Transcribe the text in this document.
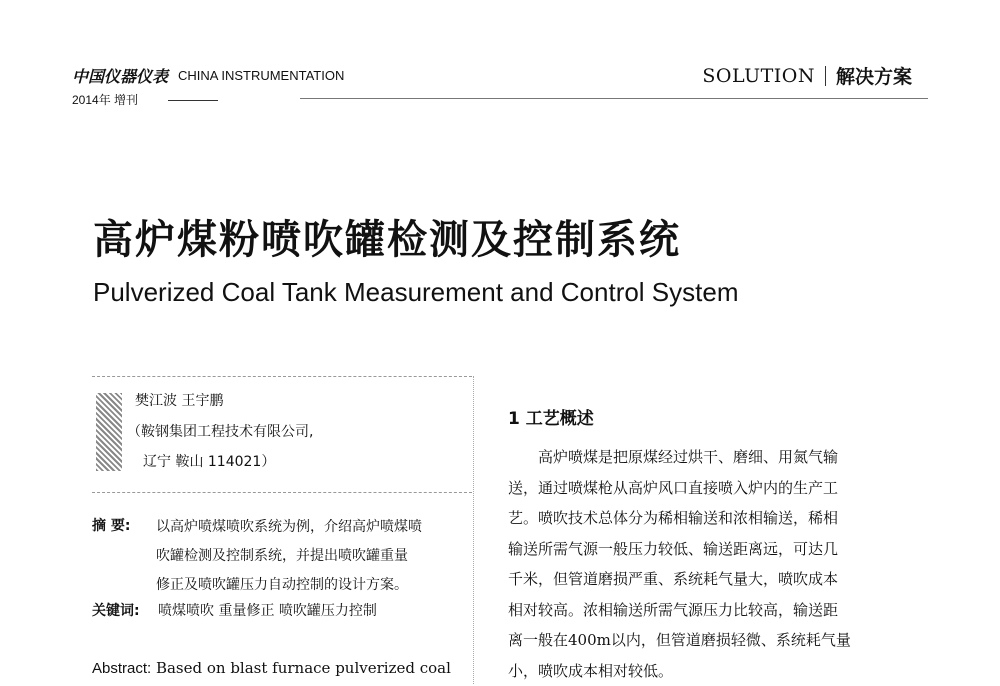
中国仪器仪表 CHINA INSTRUMENTATION
2014年 增刊
SOLUTION 解决方案
高炉煤粉喷吹罐检测及控制系统
Pulverized Coal Tank Measurement and Control System
樊江波 王宇鹏
（鞍钢集团工程技术有限公司,
辽宁 鞍山 114021）
摘 要: 以高炉喷煤喷吹系统为例，介绍高炉喷煤喷
吹罐检测及控制系统，并提出喷吹罐重量
修正及喷吹罐压力自动控制的设计方案。
关键词: 喷煤喷吹 重量修正 喷吹罐压力控制
Abstract: Based on blast furnace pulverized coal
1 工艺概述
高炉喷煤是把原煤经过烘干、磨细、用氮气输
送，通过喷煤枪从高炉风口直接喷入炉内的生产工
艺。喷吹技术总体分为稀相输送和浓相输送，稀相
输送所需气源一般压力较低、输送距离远，可达几
千米，但管道磨损严重、系统耗气量大，喷吹成本
相对较高。浓相输送所需气源压力比较高，输送距
离一般在400m以内，但管道磨损轻微、系统耗气量
小，喷吹成本相对较低。
